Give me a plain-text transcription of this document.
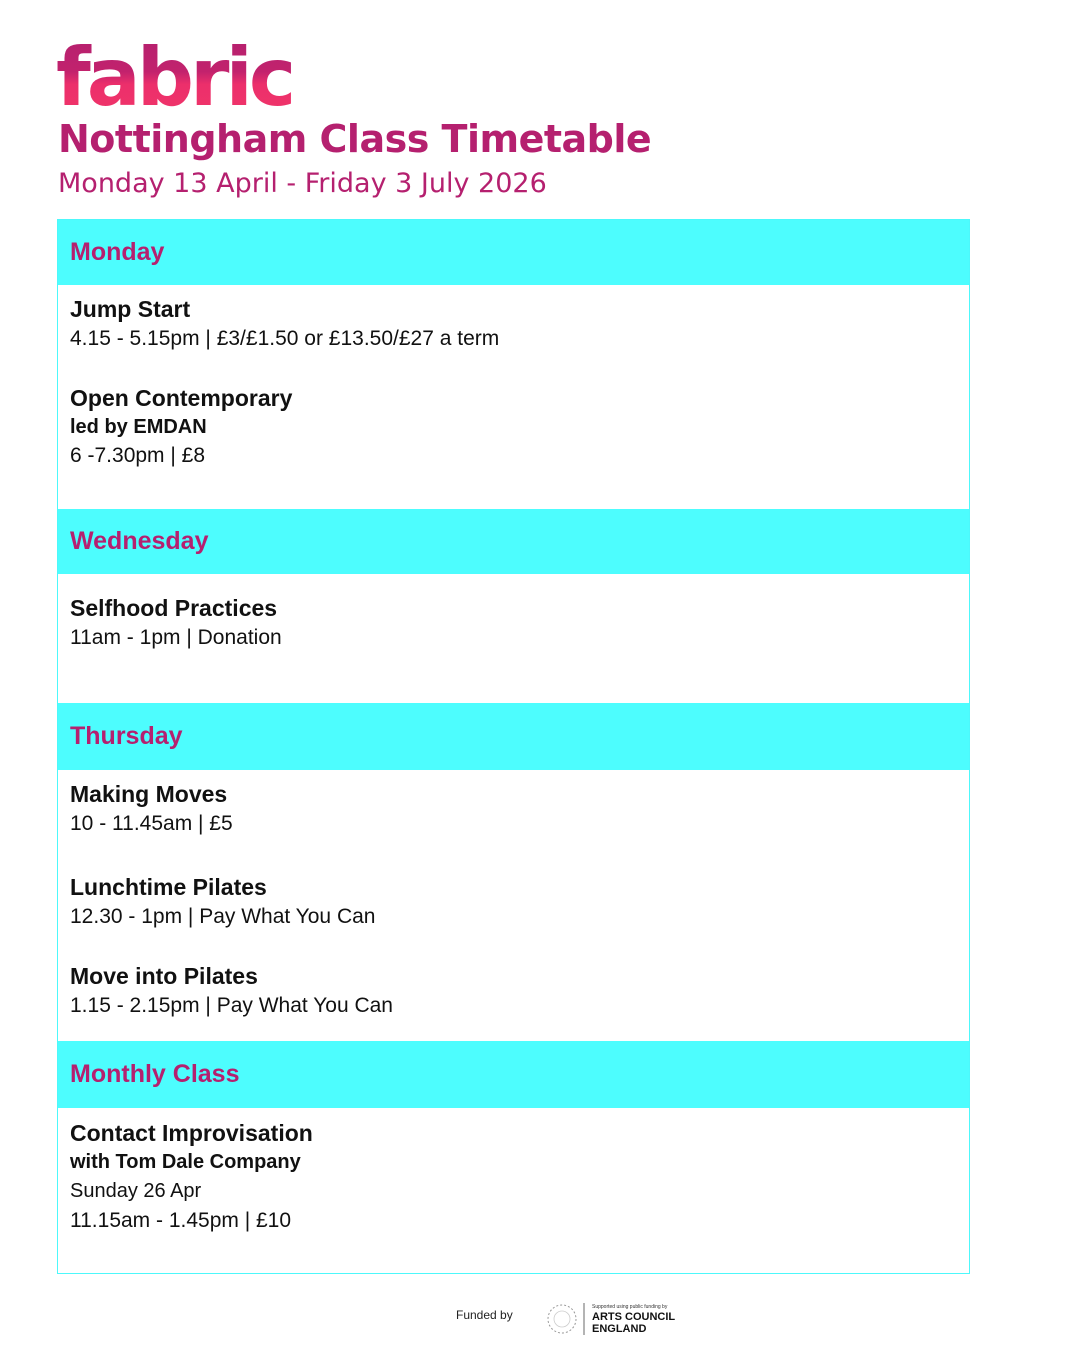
fabric
Nottingham Class Timetable
Monday 13 April - Friday 3 July 2026
Monday
Jump Start
4.15 - 5.15pm | £3/£1.50 or £13.50/£27 a term
Open Contemporary
led by EMDAN
6 -7.30pm | £8
Wednesday
Selfhood Practices
11am - 1pm | Donation
Thursday
Making Moves
10 - 11.45am | £5
Lunchtime Pilates
12.30 - 1pm | Pay What You Can
Move into Pilates
1.15 - 2.15pm | Pay What You Can
Monthly Class
Contact Improvisation
with Tom Dale Company
Sunday 26 Apr
11.15am - 1.45pm | £10
Funded by
Supported using public funding by
ARTS COUNCIL
ENGLAND
